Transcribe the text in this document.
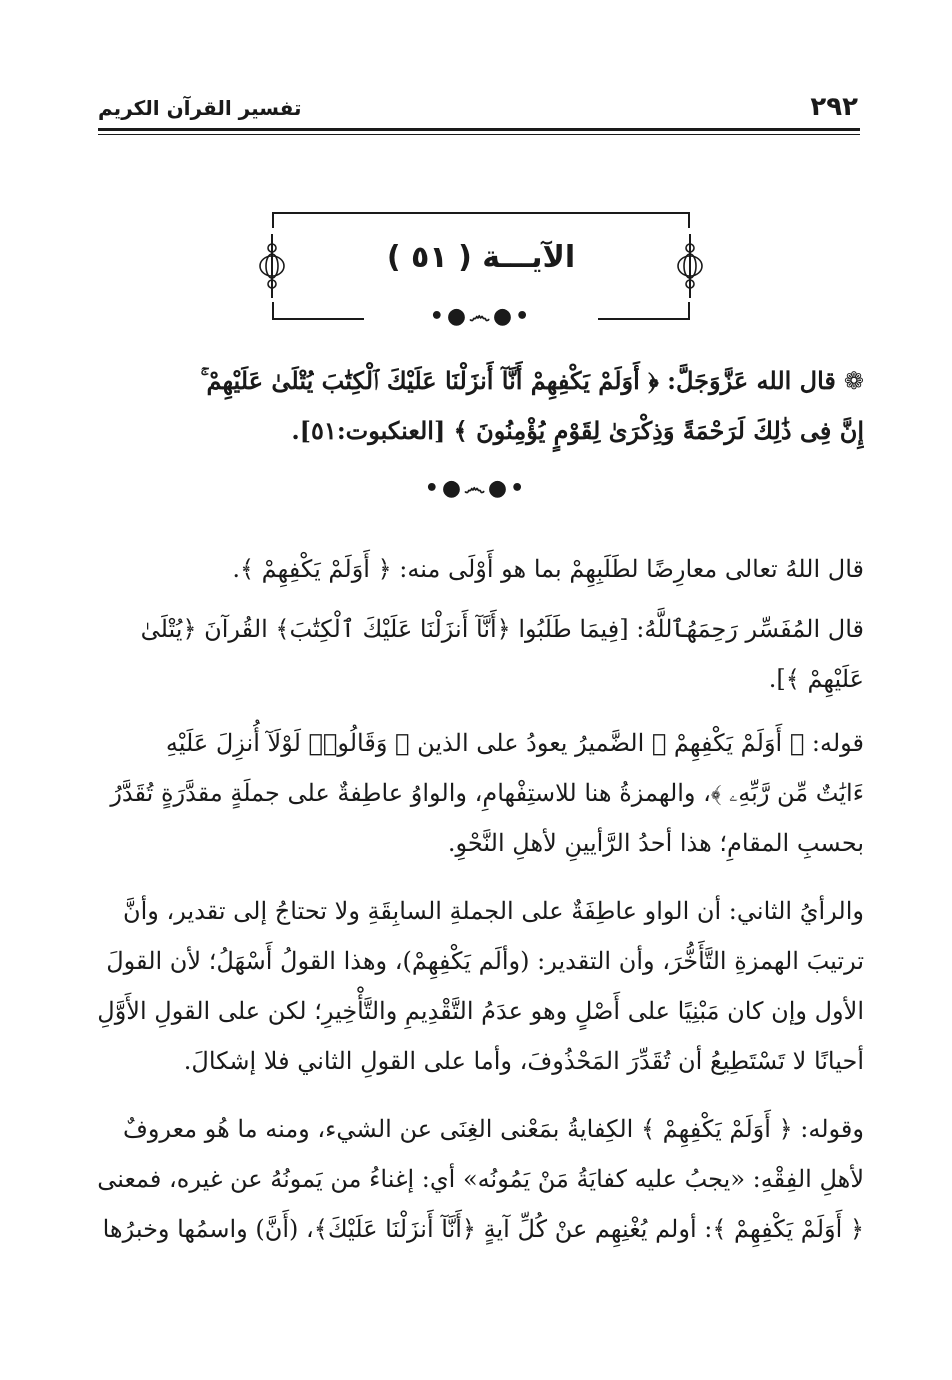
٢٩٢
تفسير القرآن الكريم
الآيـــة ( ٥١ )
•●෴●•
❁قال الله عَزَّوَجَلَّ: ﴿ أَوَلَمْ يَكْفِهِمْ أَنَّآ أَنزَلْنَا عَلَيْكَ ٱلْكِتَٰبَ يُتْلَىٰ عَلَيْهِمْ ۚ
إِنَّ فِى ذَٰلِكَ لَرَحْمَةً وَذِكْرَىٰ لِقَوْمٍ يُؤْمِنُونَ ﴾ [العنكبوت:٥١].
•●෴●•
قال اللهُ تعالى معارِضًا لطَلَبِهِمْ بما هو أَوْلَى منه: ﴿ أَوَلَمْ يَكْفِهِمْ ﴾.
قال المُفَسِّر رَحِمَهُٱللَّهُ: [فِيمَا طَلَبُوا ﴿أَنَّآ أَنزَلْنَا عَلَيْكَ ٱلْكِتَٰبَ﴾ القُرآنَ ﴿يُتْلَىٰ
عَلَيْهِمْ ﴾].
قوله: ﴿ أَوَلَمْ يَكْفِهِمْ ﴾ الضَّميرُ يعودُ على الذين ﴿ وَقَالُوا۟ لَوْلَآ أُنزِلَ عَلَيْهِ
ءَايَٰتٌ مِّن رَّبِّهِۦ ﴾، والهمزةُ هنا للاستِفْهامِ، والواوُ عاطِفةٌ على جملَةٍ مقدَّرَةٍ تُقَدَّرُ
بحسبِ المقامِ؛ هذا أحدُ الرَّأيينِ لأهلِ النَّحْوِ.
والرأيُ الثاني: أن الواو عاطِفَةٌ على الجملةِ السابِقَةِ ولا تحتاجُ إلى تقدير، وأنَّ
ترتيبَ الهمزةِ التَّأَخُّرَ، وأن التقدير: (وألَم يَكْفِهِمْ)، وهذا القولُ أَسْهَلُ؛ لأن القولَ
الأول وإن كان مَبْنِيًا على أَصْلٍ وهو عدَمُ التَّقْدِيمِ والتَّأْخِيرِ؛ لكن على القولِ الأَوَّلِ
أحيانًا لا تَسْتَطِيعُ أن تُقَدِّرَ المَحْذُوفَ، وأما على القولِ الثاني فلا إشكالَ.
وقوله: ﴿ أَوَلَمْ يَكْفِهِمْ ﴾ الكِفايةُ بمَعْنى الغِنَى عن الشيء، ومنه ما هُو معروفٌ
لأهلِ الفِقْهِ: «يجبُ عليه كفايَةُ مَنْ يَمُونُه» أي: إغناءُ من يَمونُهُ عن غيره، فمعنى
﴿ أَوَلَمْ يَكْفِهِمْ ﴾: أولم يُغْنِهِم عنْ كُلِّ آيةٍ ﴿أَنَّآ أَنزَلْنَا عَلَيْكَ﴾، (أَنَّ) واسمُها وخبرُها
